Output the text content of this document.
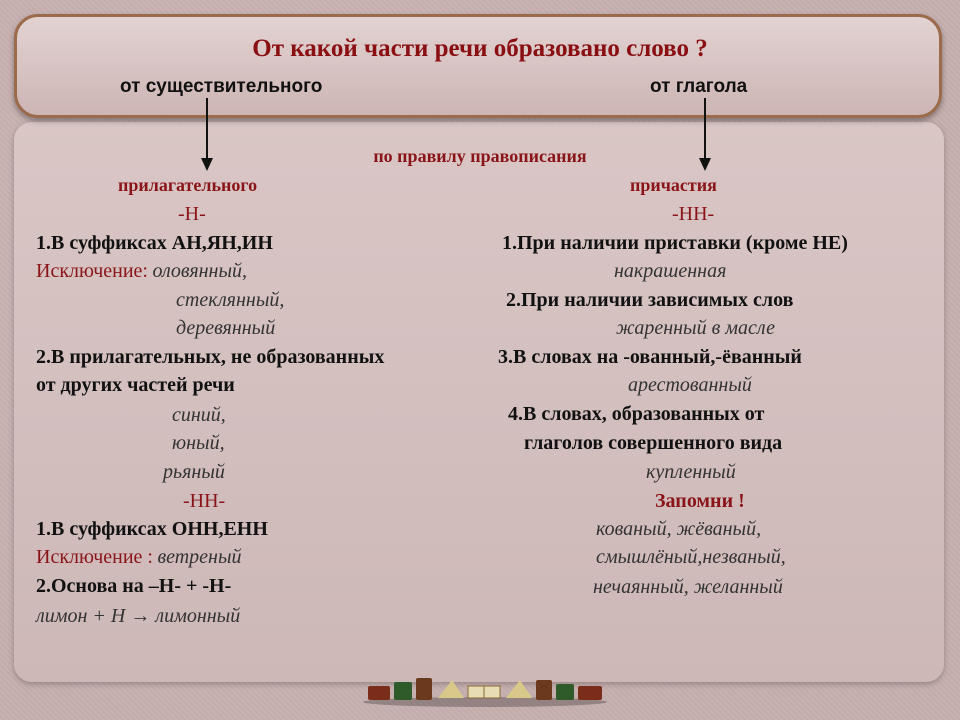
От какой части речи образовано слово ?
от существительного	от глагола
по правилу правописания
прилагательного
-Н-
1.В суффиксах АН,ЯН,ИН
Исключение: оловянный,
стеклянный,
деревянный
2.В прилагательных, не образованных
от других частей речи
синий,
юный,
рьяный
-НН-
1.В суффиксах ОНН,ЕНН
Исключение : ветреный
2.Основа на –Н- + -Н-
лимон + Н → лимонный
причастия
-НН-
1.При наличии приставки (кроме НЕ)
накрашенная
2.При наличии зависимых слов
жаренный в масле
3.В словах на -ованный,-ёванный
арестованный
4.В словах, образованных от
глаголов совершенного вида
купленный
Запомни !
кованый, жёваный,
смышлёный,незваный,
нечаянный, желанный
